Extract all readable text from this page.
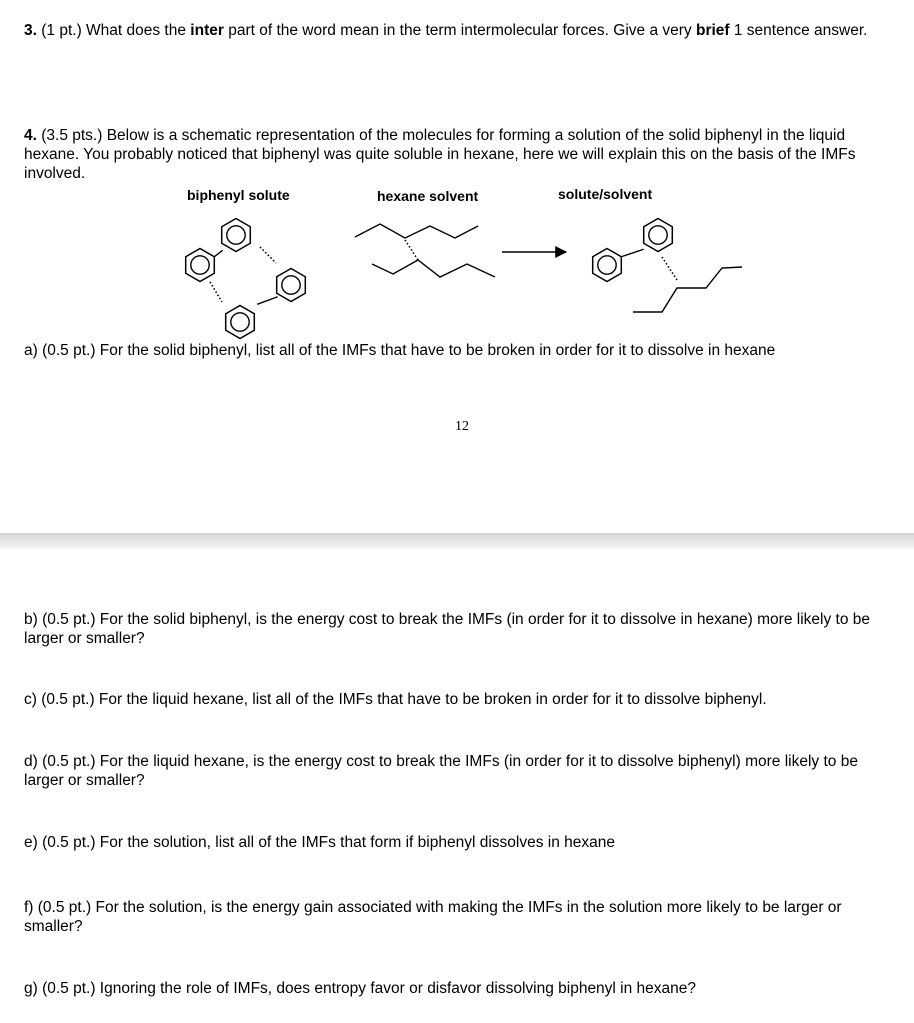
3. (1 pt.) What does the inter part of the word mean in the term intermolecular forces. Give a very brief 1 sentence answer.

4. (3.5 pts.) Below is a schematic representation of the molecules for forming a solution of the solid biphenyl in the liquid hexane. You probably noticed that biphenyl was quite soluble in hexane, here we will explain this on the basis of the IMFs involved.

biphenyl solute	hexane solvent	solute/solvent

a) (0.5 pt.) For the solid biphenyl, list all of the IMFs that have to be broken in order for it to dissolve in hexane

12

b) (0.5 pt.) For the solid biphenyl, is the energy cost to break the IMFs (in order for it to dissolve in hexane) more likely to be larger or smaller?

c) (0.5 pt.) For the liquid hexane, list all of the IMFs that have to be broken in order for it to dissolve biphenyl.

d) (0.5 pt.) For the liquid hexane, is the energy cost to break the IMFs (in order for it to dissolve biphenyl) more likely to be larger or smaller?

e) (0.5 pt.) For the solution, list all of the IMFs that form if biphenyl dissolves in hexane

f) (0.5 pt.) For the solution, is the energy gain associated with making the IMFs in the solution more likely to be larger or smaller?

g) (0.5 pt.) Ignoring the role of IMFs, does entropy favor or disfavor dissolving biphenyl in hexane?
